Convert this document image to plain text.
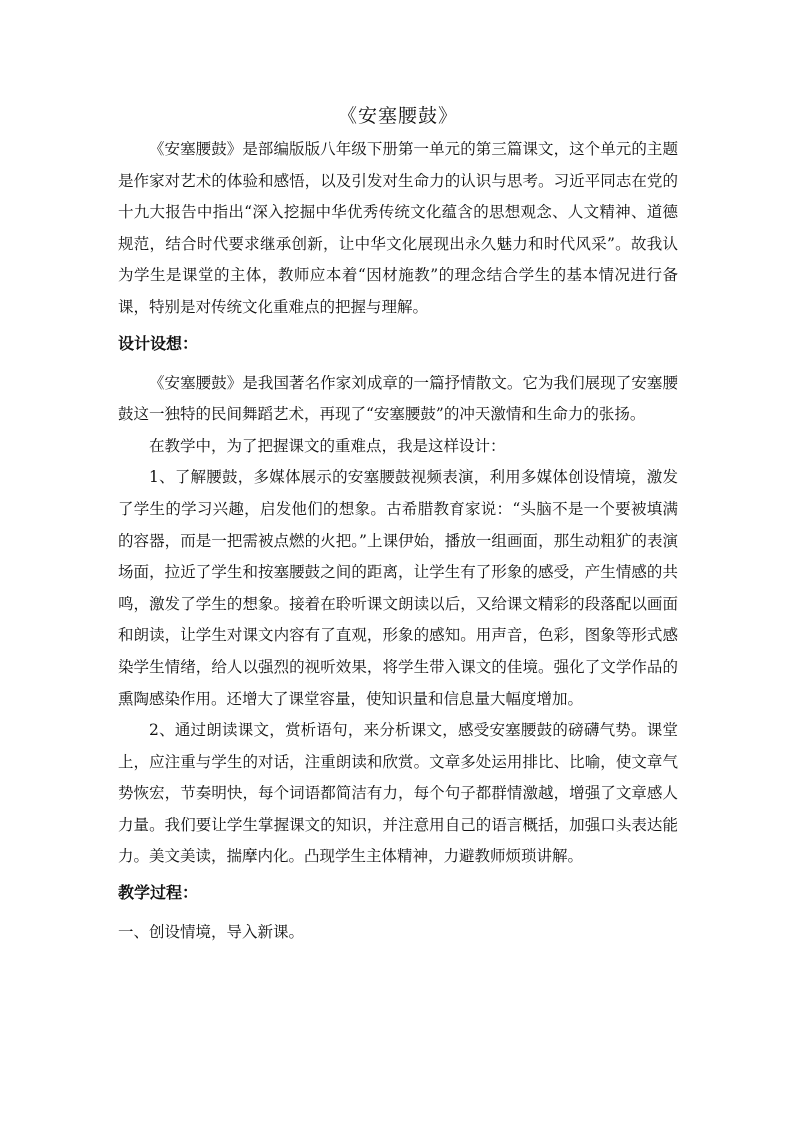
《安塞腰鼓》

《安塞腰鼓》是部编版版八年级下册第一单元的第三篇课文，这个单元的主题是作家对艺术的体验和感悟，以及引发对生命力的认识与思考。习近平同志在党的十九大报告中指出“深入挖掘中华优秀传统文化蕴含的思想观念、人文精神、道德规范，结合时代要求继承创新，让中华文化展现出永久魅力和时代风采”。故我认为学生是课堂的主体，教师应本着“因材施教”的理念结合学生的基本情况进行备课，特别是对传统文化重难点的把握与理解。

设计设想：

《安塞腰鼓》是我国著名作家刘成章的一篇抒情散文。它为我们展现了安塞腰鼓这一独特的民间舞蹈艺术，再现了“安塞腰鼓”的冲天激情和生命力的张扬。

在教学中，为了把握课文的重难点，我是这样设计：

1、了解腰鼓，多媒体展示的安塞腰鼓视频表演，利用多媒体创设情境，激发了学生的学习兴趣，启发他们的想象。古希腊教育家说：“头脑不是一个要被填满的容器，而是一把需被点燃的火把。”上课伊始，播放一组画面，那生动粗犷的表演场面，拉近了学生和按塞腰鼓之间的距离，让学生有了形象的感受，产生情感的共鸣，激发了学生的想象。接着在聆听课文朗读以后，又给课文精彩的段落配以画面和朗读，让学生对课文内容有了直观，形象的感知。用声音，色彩，图象等形式感染学生情绪，给人以强烈的视听效果，将学生带入课文的佳境。强化了文学作品的熏陶感染作用。还增大了课堂容量，使知识量和信息量大幅度增加。

2、通过朗读课文，赏析语句，来分析课文，感受安塞腰鼓的磅礴气势。课堂上，应注重与学生的对话，注重朗读和欣赏。文章多处运用排比、比喻，使文章气势恢宏，节奏明快，每个词语都简洁有力，每个句子都群情激越，增强了文章感人力量。我们要让学生掌握课文的知识，并注意用自己的语言概括，加强口头表达能力。美文美读，揣摩内化。凸现学生主体精神，力避教师烦琐讲解。

教学过程：

一、创设情境，导入新课。
